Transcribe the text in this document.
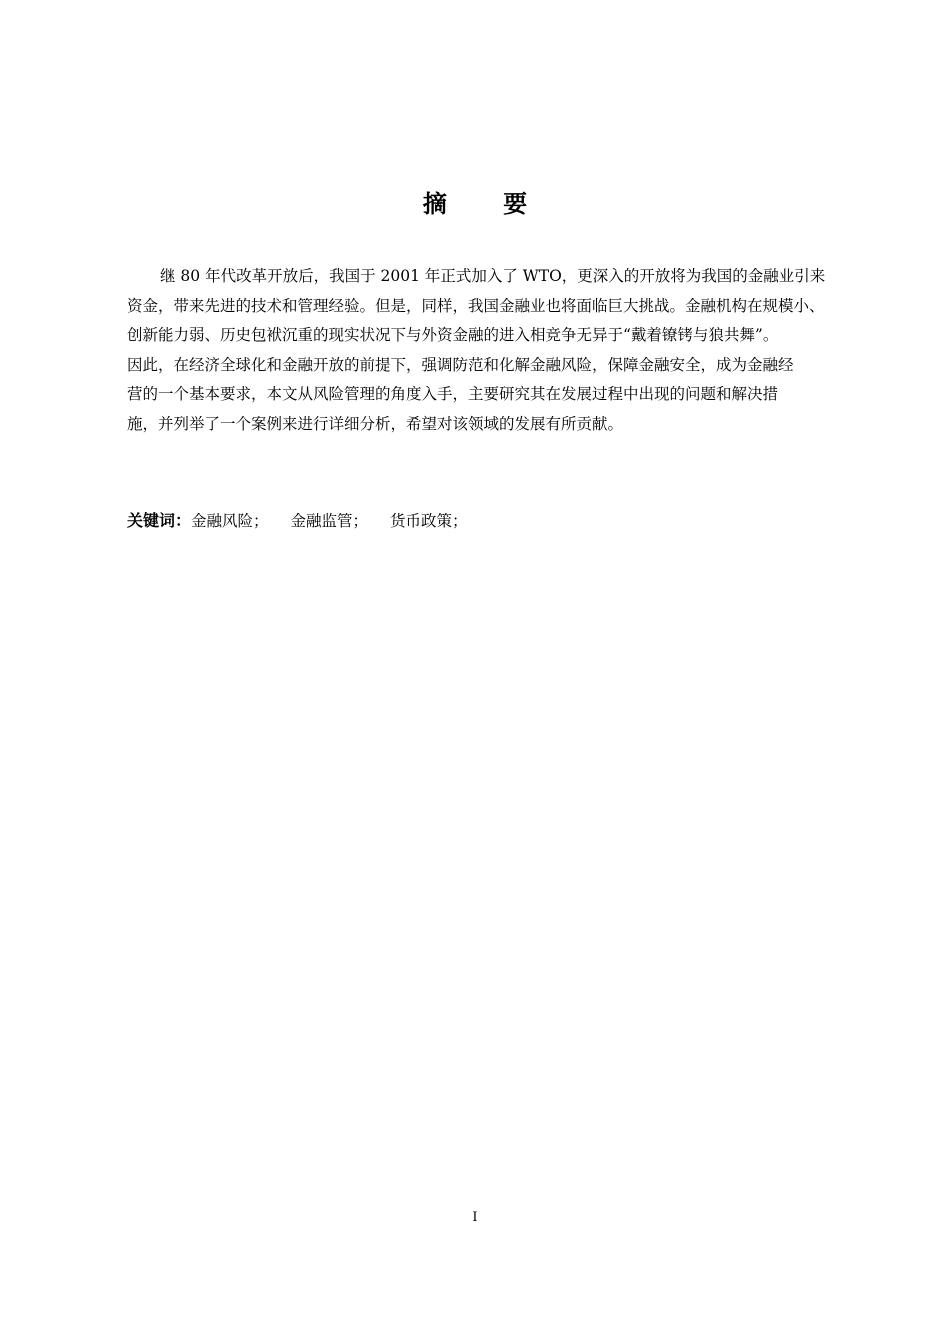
摘 要
继 80 年代改革开放后，我国于 2001 年正式加入了 WTO，更深入的开放将为我国的金融业引来
资金，带来先进的技术和管理经验。但是，同样，我国金融业也将面临巨大挑战。金融机构在规模小、
创新能力弱、历史包袱沉重的现实状况下与外资金融的进入相竞争无异于“戴着镣铐与狼共舞”。
因此，在经济全球化和金融开放的前提下，强调防范和化解金融风险，保障金融安全，成为金融经
营的一个基本要求，本文从风险管理的角度入手，主要研究其在发展过程中出现的问题和解决措
施，并列举了一个案例来进行详细分析，希望对该领域的发展有所贡献。
关键词：金融风险； 金融监管； 货币政策；
I
